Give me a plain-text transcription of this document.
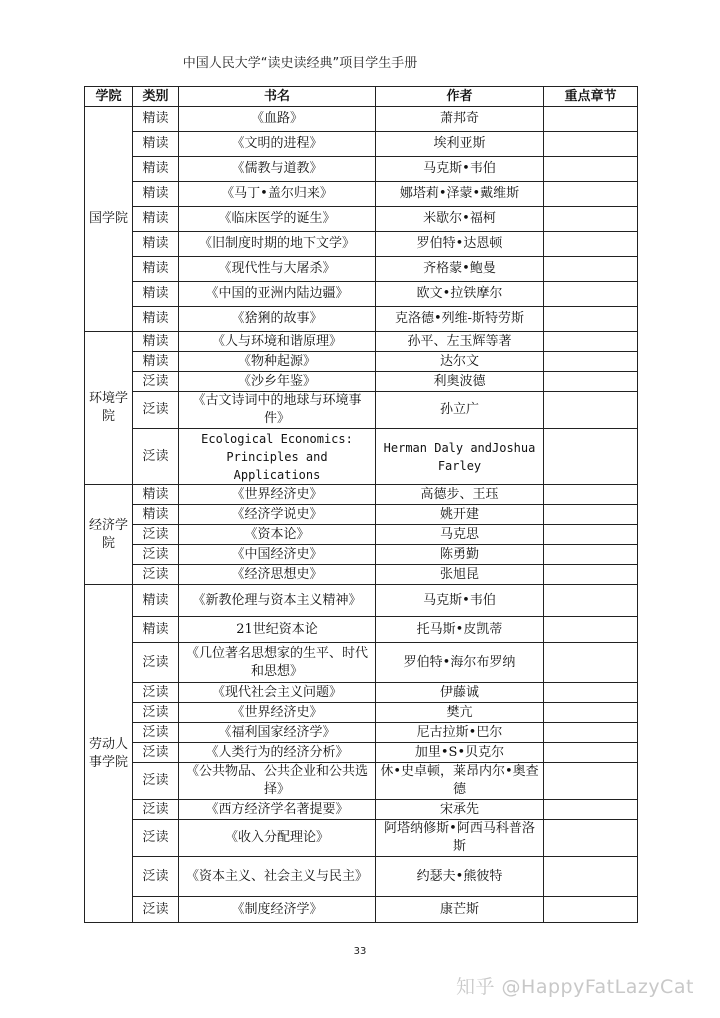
中国人民大学“读史读经典”项目学生手册
学院	类别	书名	作者	重点章节
国学院	精读	《血路》	萧邦奇	
	精读	《文明的进程》	埃利亚斯	
	精读	《儒教与道教》	马克斯•韦伯	
	精读	《马丁•盖尔归来》	娜塔莉•泽蒙•戴维斯	
	精读	《临床医学的诞生》	米歇尔•福柯	
	精读	《旧制度时期的地下文学》	罗伯特•达恩顿	
	精读	《现代性与大屠杀》	齐格蒙•鲍曼	
	精读	《中国的亚洲内陆边疆》	欧文•拉铁摩尔	
	精读	《猞猁的故事》	克洛德•列维-斯特劳斯	
环境学院	精读	《人与环境和谐原理》	孙平、左玉辉等著	
	精读	《物种起源》	达尔文	
	泛读	《沙乡年鉴》	利奥波德	
	泛读	《古文诗词中的地球与环境事件》	孙立广	
	泛读	Ecological Economics: Principles and Applications	Herman Daly andJoshua Farley	
经济学院	精读	《世界经济史》	高德步、王珏	
	精读	《经济学说史》	姚开建	
	泛读	《资本论》	马克思	
	泛读	《中国经济史》	陈勇勤	
	泛读	《经济思想史》	张旭昆	
劳动人事学院	精读	《新教伦理与资本主义精神》	马克斯•韦伯	
	精读	21世纪资本论	托马斯•皮凯蒂	
	泛读	《几位著名思想家的生平、时代和思想》	罗伯特•海尔布罗纳	
	泛读	《现代社会主义问题》	伊藤诚	
	泛读	《世界经济史》	樊亢	
	泛读	《福利国家经济学》	尼古拉斯•巴尔	
	泛读	《人类行为的经济分析》	加里•S•贝克尔	
	泛读	《公共物品、公共企业和公共选择》	休•史卓顿，莱昂内尔•奥查德	
	泛读	《西方经济学名著提要》	宋承先	
	泛读	《收入分配理论》	阿塔纳修斯•阿西马科普洛斯	
	泛读	《资本主义、社会主义与民主》	约瑟夫•熊彼特	
	泛读	《制度经济学》	康芒斯	
33
知乎 @HappyFatLazyCat
